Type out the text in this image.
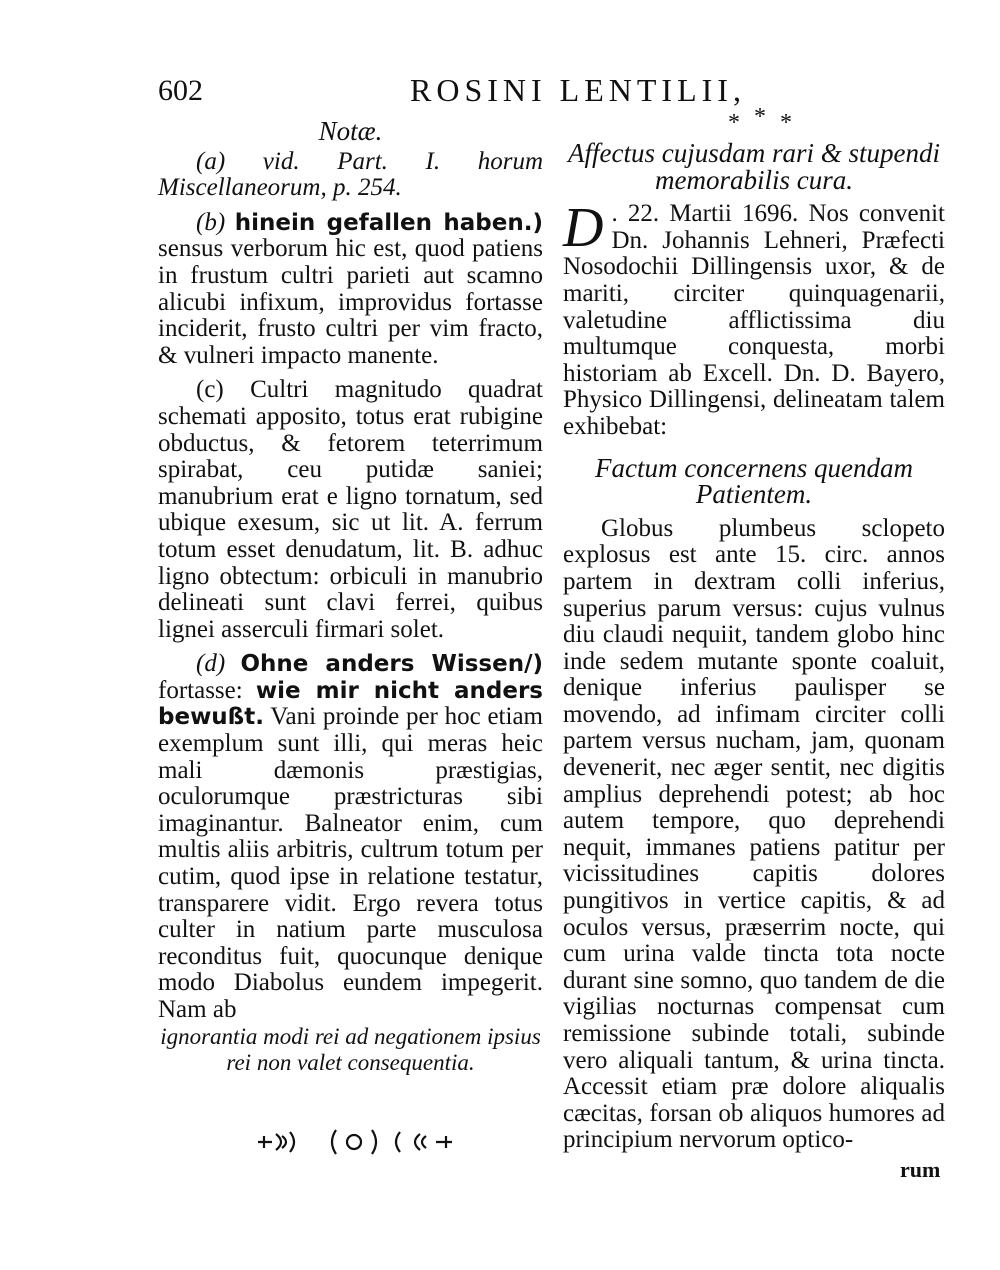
602	ROSINI LENTILII,
* * *

Notæ.

(a) vid. Part. I. horum Miscellaneorum, p. 254.

(b) hinein gefallen haben.) sensus verborum hic est, quod patiens in frustum cultri parieti aut scamno alicubi infixum, improvidus fortasse inciderit, frusto cultri per vim fracto, & vulneri impacto manente.

(c) Cultri magnitudo quadrat schemati apposito, totus erat rubigine obductus, & fetorem teterrimum spirabat, ceu putidæ saniei; manubrium erat e ligno tornatum, sed ubique exesum, sic ut lit. A. ferrum totum esset denudatum, lit. B. adhuc ligno obtectum: orbiculi in manubrio delineati sunt clavi ferrei, quibus lignei asserculi firmari solet.

(d) Ohne anders Wissen/) fortasse: wie mir nicht anders bewußt. Vani proinde per hoc etiam exemplum sunt illi, qui meras heic mali dæmonis præstigias, oculorumque præstricturas sibi imaginantur. Balneator enim, cum multis aliis arbitris, cultrum totum per cutim, quod ipse in relatione testatur, transparere vidit. Ergo revera totus culter in natium parte musculosa reconditus fuit, quocunque denique modo Diabolus eundem impegerit. Nam ab

ignorantia modi rei ad negationem ipsius rei non valet consequentia.

Affectus cujusdam rari & stupendi memorabilis cura.

D . 22. Martii 1696. Nos convenit Dn. Johannis Lehneri, Præfecti Nosodochii Dillingensis uxor, & de mariti, circiter quinquagenarii, valetudine afflictissima diu multumque conquesta, morbi historiam ab Excell. Dn. D. Bayero, Physico Dillingensi, delineatam talem exhibebat:

Factum concernens quendam Patientem.

Globus plumbeus sclopeto explosus est ante 15. circ. annos partem in dextram colli inferius, superius parum versus: cujus vulnus diu claudi nequiit, tandem globo hinc inde sedem mutante sponte coaluit, denique inferius paulisper se movendo, ad infimam circiter colli partem versus nucham, jam, quonam devenerit, nec æger sentit, nec digitis amplius deprehendi potest; ab hoc autem tempore, quo deprehendi nequit, immanes patiens patitur per vicissitudines capitis dolores pungitivos in vertice capitis, & ad oculos versus, præserrim nocte, qui cum urina valde tincta tota nocte durant sine somno, quo tandem de die vigilias nocturnas compensat cum remissione subinde totali, subinde vero aliquali tantum, & urina tincta. Accessit etiam præ dolore aliqualis cæcitas, forsan ob aliquos humores ad principium nervorum optico-

rum
